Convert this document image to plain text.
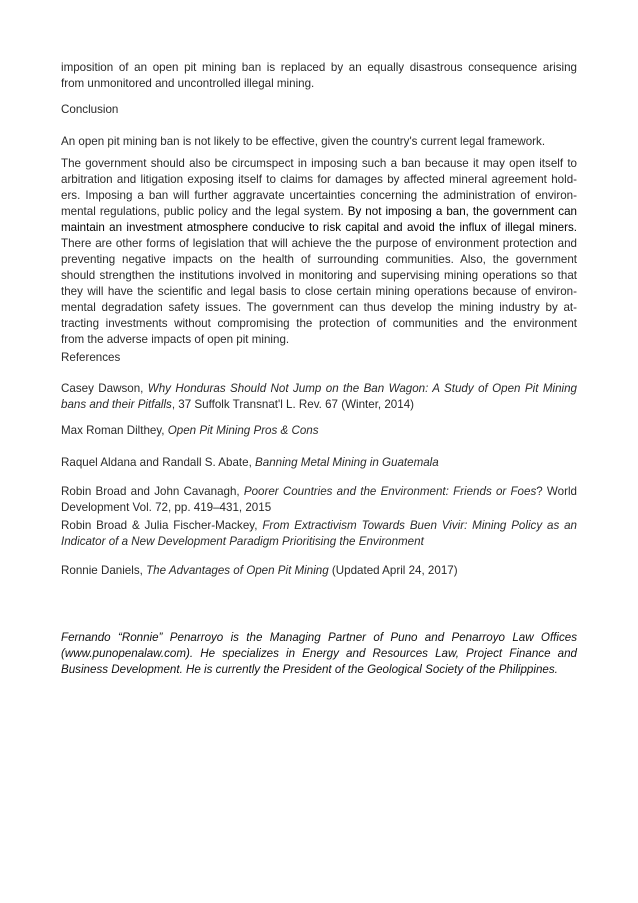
imposition of an open pit mining ban is replaced by an equally disastrous consequence arising
from unmonitored and uncontrolled illegal mining.
Conclusion
An open pit mining ban is not likely to be effective, given the country's current legal framework.
The government should also be circumspect in imposing such a ban because it may open itself to
arbitration and litigation exposing itself to claims for damages by affected mineral agreement hold-
ers. Imposing a ban will further aggravate uncertainties concerning the administration of environ-
mental regulations, public policy and the legal system. By not imposing a ban, the government can
maintain an investment atmosphere conducive to risk capital and avoid the influx of illegal miners.
There are other forms of legislation that will achieve the the purpose of environment protection and
preventing negative impacts on the health of surrounding communities. Also, the government
should strengthen the institutions involved in monitoring and supervising mining operations so that
they will have the scientific and legal basis to close certain mining operations because of environ-
mental degradation safety issues. The government can thus develop the mining industry by at-
tracting investments without compromising the protection of communities and the environment
from the adverse impacts of open pit mining.
References
Casey Dawson, Why Honduras Should Not Jump on the Ban Wagon: A Study of Open Pit Mining
bans and their Pitfalls, 37 Suffolk Transnat'l L. Rev. 67 (Winter, 2014)
Max Roman Dilthey, Open Pit Mining Pros & Cons
Raquel Aldana and Randall S. Abate, Banning Metal Mining in Guatemala
Robin Broad and John Cavanagh, Poorer Countries and the Environment: Friends or Foes? World
Development Vol. 72, pp. 419–431, 2015
Robin Broad & Julia Fischer-Mackey, From Extractivism Towards Buen Vivir: Mining Policy as an
Indicator of a New Development Paradigm Prioritising the Environment
Ronnie Daniels, The Advantages of Open Pit Mining (Updated April 24, 2017)
Fernando “Ronnie” Penarroyo is the Managing Partner of Puno and Penarroyo Law Offices
(www.punopenalaw.com). He specializes in Energy and Resources Law, Project Finance and
Business Development. He is currently the President of the Geological Society of the Philippines.
